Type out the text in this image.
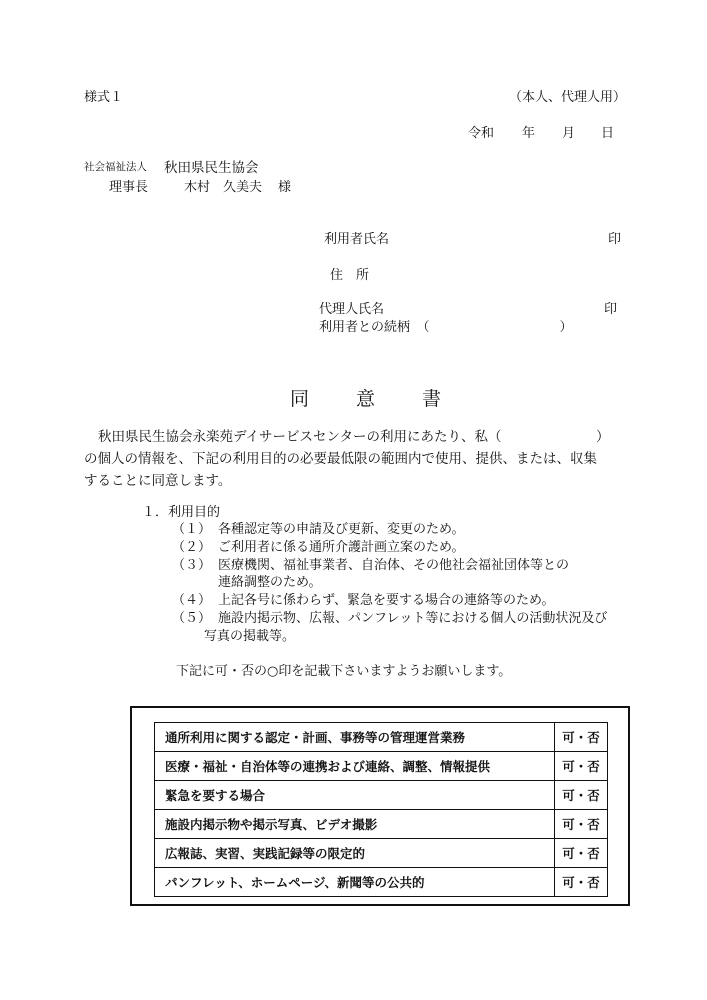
様式１	（本人、代理人用）
令和 年 月 日
社会福祉法人 秋田県民生協会
理事長	木村　久美夫 様
利用者氏名	印
住　所
代理人氏名	印
利用者との続柄　（　　　　　　　　　　）
同 意 書
秋田県民生協会永楽苑デイサービスセンターの利用にあたり、私（　　　　　　　）
の個人の情報を、下記の利用目的の必要最低限の範囲内で使用、提供、または、収集
することに同意します。
１．利用目的
（１） 各種認定等の申請及び更新、変更のため。
（２） ご利用者に係る通所介護計画立案のため。
（３） 医療機関、福祉事業者、自治体、その他社会福祉団体等との
連絡調整のため。
（４） 上記各号に係わらず、緊急を要する場合の連絡等のため。
（５） 施設内掲示物、広報、パンフレット等における個人の活動状況及び
写真の掲載等。
下記に可・否の○印を記載下さいますようお願いします。
通所利用に関する認定・計画、事務等の管理運営業務	可・否
医療・福祉・自治体等の連携および連絡、調整、情報提供	可・否
緊急を要する場合	可・否
施設内掲示物や掲示写真、ビデオ撮影	可・否
広報誌、実習、実践記録等の限定的	可・否
パンフレット、ホームページ、新聞等の公共的	可・否
